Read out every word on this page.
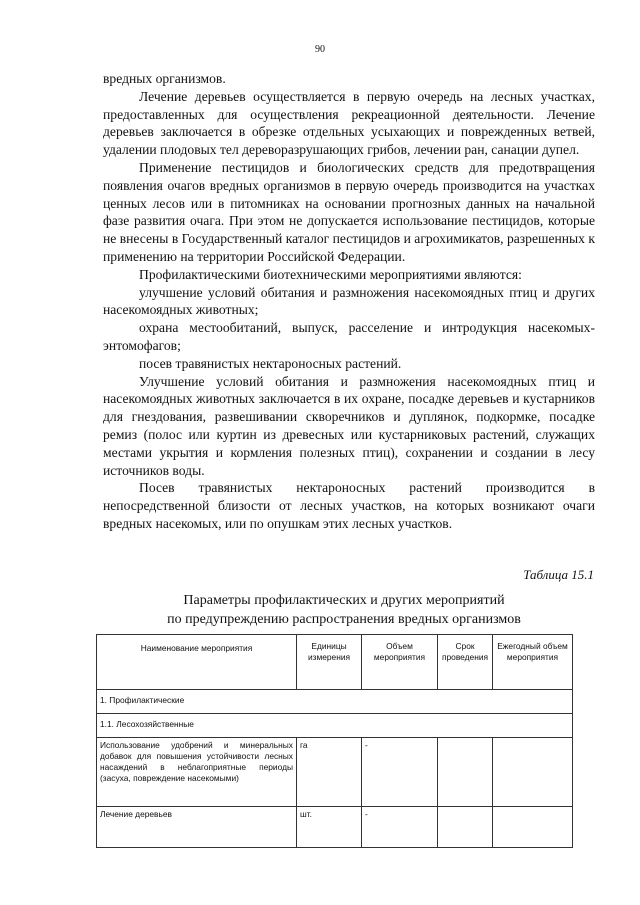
90

вредных организмов.

Лечение деревьев осуществляется в первую очередь на лесных участках, предоставленных для осуществления рекреационной деятельности. Лечение деревьев заключается в обрезке отдельных усыхающих и поврежденных ветвей, удалении плодовых тел дереворазрушающих грибов, лечении ран, санации дупел.

Применение пестицидов и биологических средств для предотвращения появления очагов вредных организмов в первую очередь производится на участках ценных лесов или в питомниках на основании прогнозных данных на начальной фазе развития очага. При этом не допускается использование пестицидов, которые не внесены в Государственный каталог пестицидов и агрохимикатов, разрешенных к применению на территории Российской Федерации.

Профилактическими биотехническими мероприятиями являются:

улучшение условий обитания и размножения насекомоядных птиц и других насекомоядных животных;

охрана местообитаний, выпуск, расселение и интродукция насекомых-энтомофагов;

посев травянистых нектароносных растений.

Улучшение условий обитания и размножения насекомоядных птиц и насекомоядных животных заключается в их охране, посадке деревьев и кустарников для гнездования, развешивании скворечников и дуплянок, подкормке, посадке ремиз (полос или куртин из древесных или кустарниковых растений, служащих местами укрытия и кормления полезных птиц), сохранении и создании в лесу источников воды.

Посев травянистых нектароносных растений производится в непосредственной близости от лесных участков, на которых возникают очаги вредных насекомых, или по опушкам этих лесных участков.

Таблица 15.1
Параметры профилактических и других мероприятий
по предупреждению распространения вредных организмов
Наименование мероприятия	Единицы измерения	Объем мероприятия	Срок проведения	Ежегодный объем мероприятия
1. Профилактические				
1.1. Лесохозяйственные				
Использование удобрений и минеральных добавок для повышения устойчивости лесных насаждений в неблагоприятные периоды (засуха, повреждение насекомыми)	га	-		
Лечение деревьев	шт.	-		
